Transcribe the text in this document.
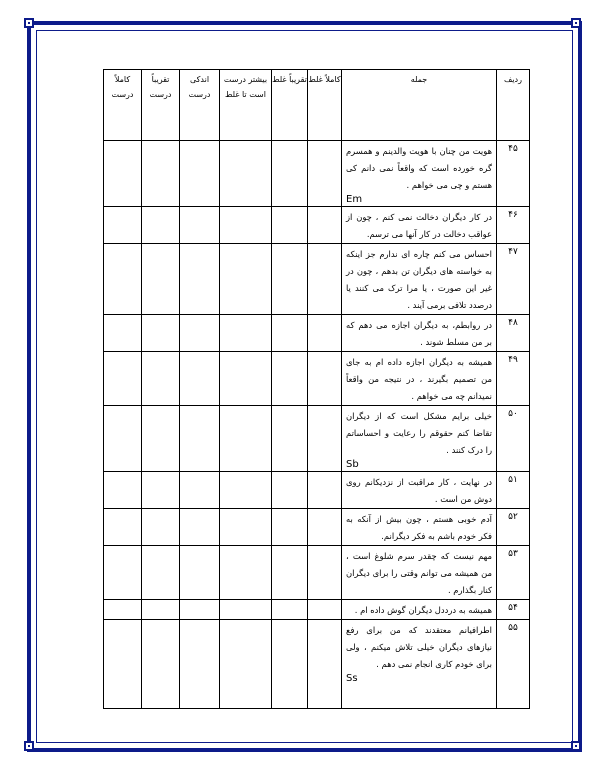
ردیف	جمله	کاملاً غلط	تقریباً غلط	بیشتر درست است تا غلط	اندکی درست	تقریباً درست	کاملاً درست
۴۵	هویت من چنان با هویت والدینم و همسرم گره خورده است که واقعاً نمی دانم کی هستم و چی می خواهم .
Em						

۴۶	در کار دیگران دخالت نمی کنم ، چون از عواقب دخالت در کار آنها می ترسم.						
۴۷	احساس می کنم چاره ای ندارم جز اینکه به خواسته های دیگران تن بدهم ، چون در غیر این صورت ، یا مرا ترک می کنند یا درصدد تلافی برمی آیند .						
۴۸	در روابطم، به دیگران اجازه می دهم که بر من مسلط شوند .						
۴۹	همیشه به دیگران اجازه داده ام به جای من تصمیم بگیرند ، در نتیجه من واقعاً نمیدانم چه می خواهم .						
۵۰	خیلی برایم مشکل است که از دیگران تقاضا کنم حقوقم را رعایت و احساساتم را درک کنند .
Sb						

۵۱	در نهایت ، کار مراقبت از نزدیکانم روی دوش من است .						
۵۲	آدم خوبی هستم ، چون بیش از آنکه به فکر خودم باشم به فکر دیگرانم.						
۵۳	مهم نیست که چقدر سرم شلوغ است ، من همیشه می توانم وقتی را برای دیگران کنار بگذارم .						
۵۴	همیشه به درددل دیگران گوش داده ام .						
۵۵	اطرافیانم معتقدند که من برای رفع نیازهای دیگران خیلی تلاش میکنم ، ولی برای خودم کاری انجام نمی دهم .
Ss						
